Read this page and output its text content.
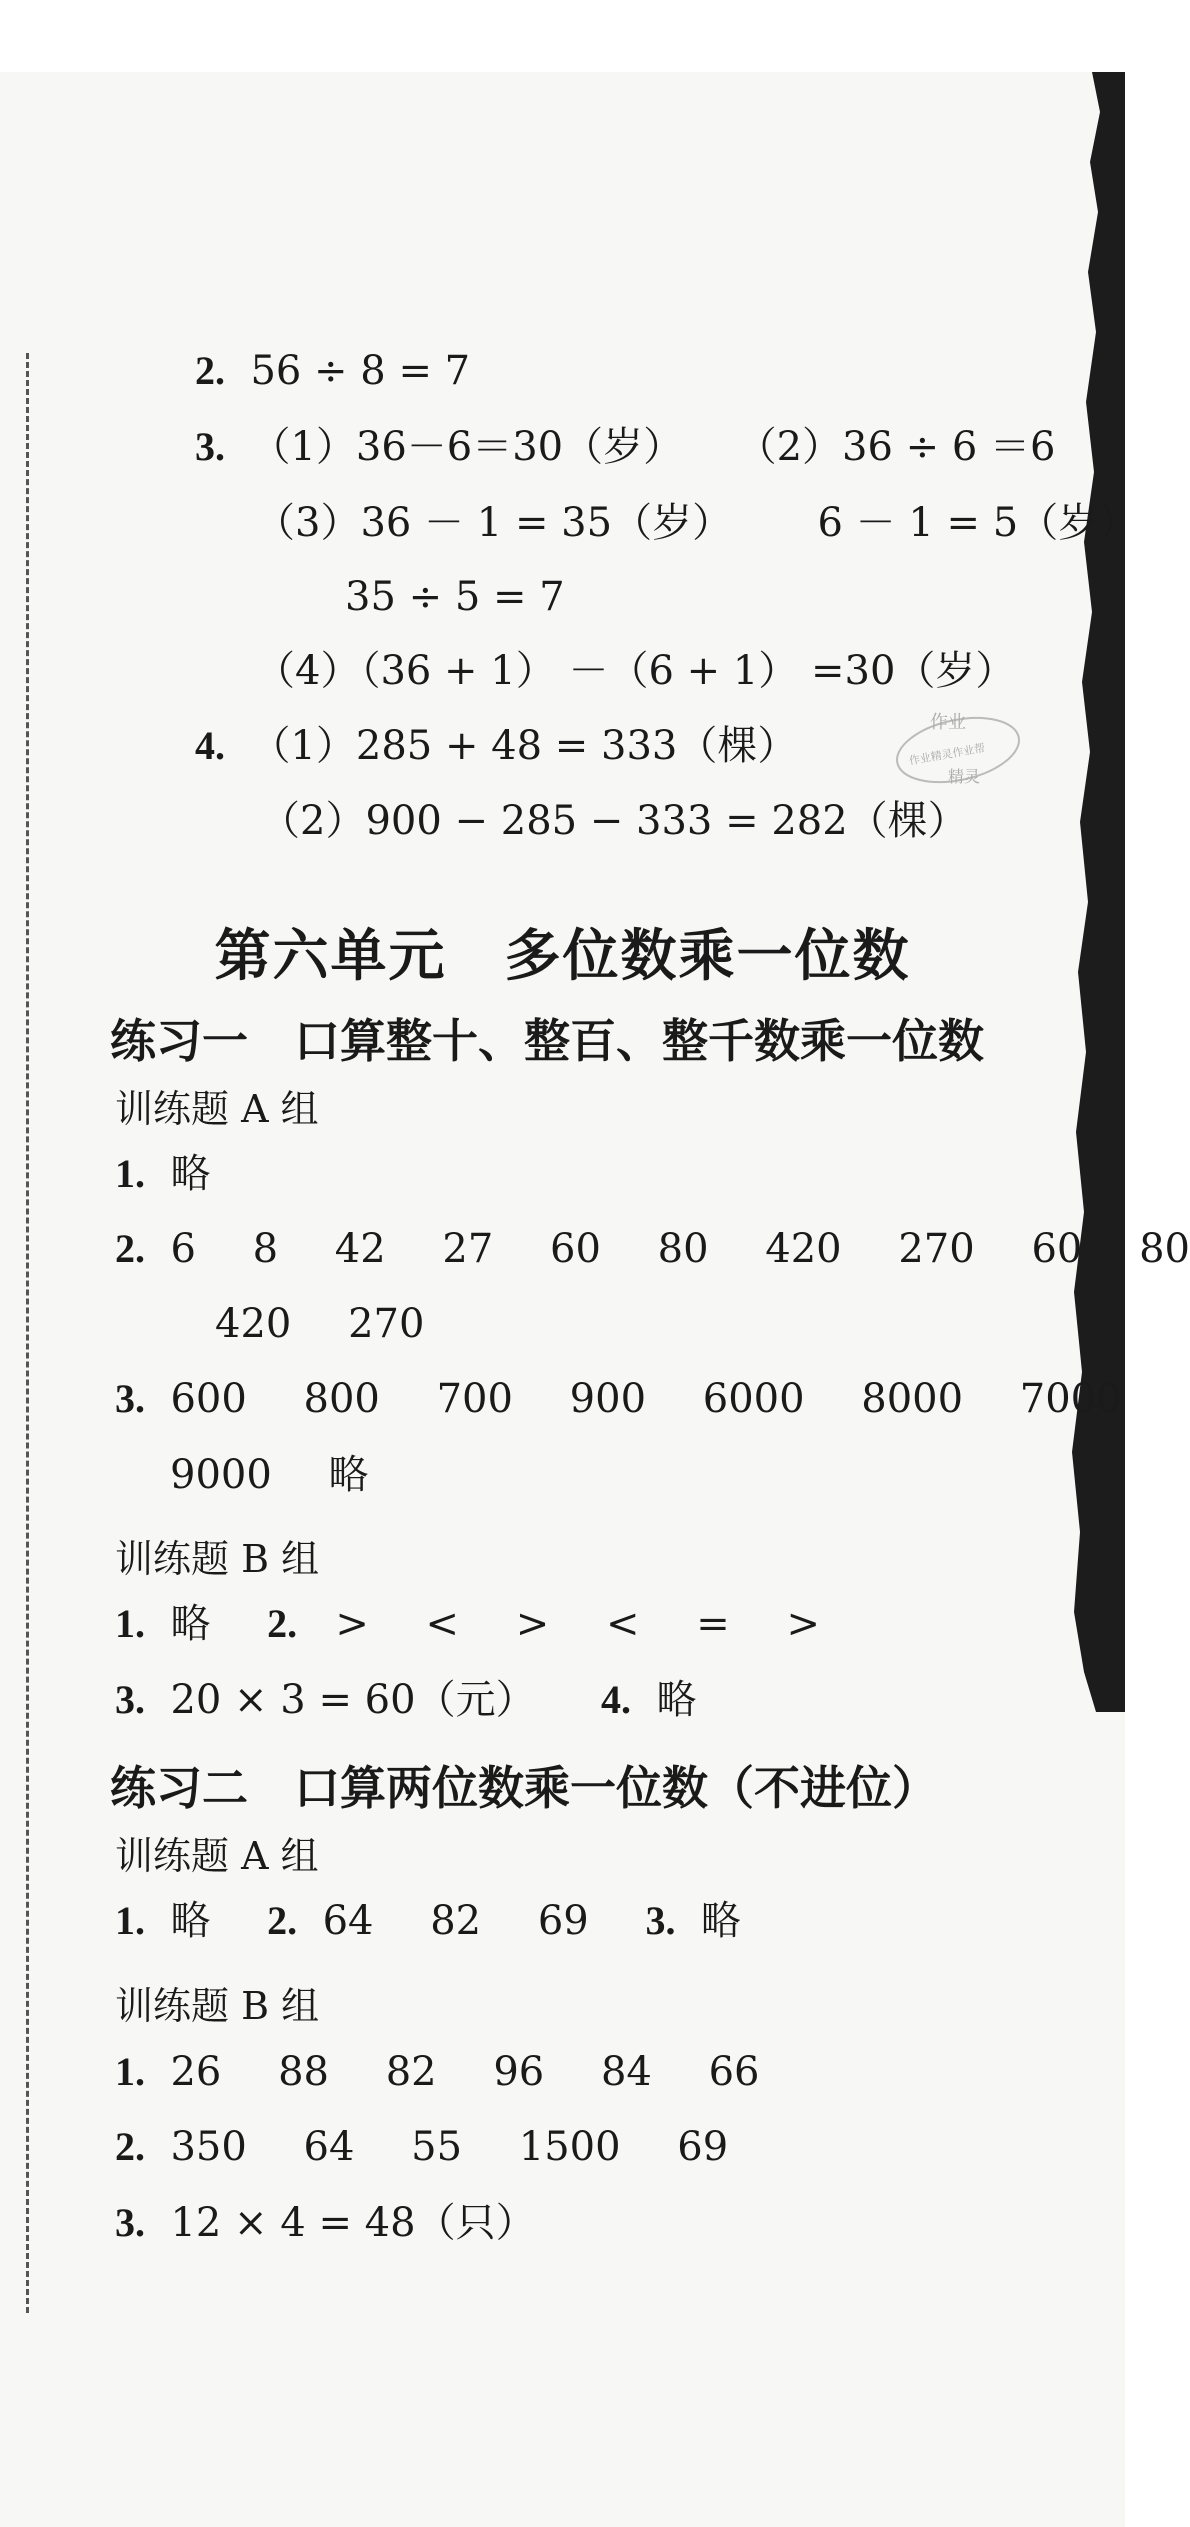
2. 56 ÷ 8 = 7
3. （1）36－6＝30（岁） （2）36 ÷ 6 ＝6
（3）36 － 1 = 35（岁） 6 － 1 = 5（岁）
35 ÷ 5 = 7
（4）（36 + 1） －（6 + 1） =30（岁）
4. （1）285 + 48 = 333（棵）
（2）900 − 285 − 333 = 282（棵）
作业
作业精灵作业帮
精灵
第六单元　多位数乘一位数
练习一　口算整十、整百、整千数乘一位数
训练题 A 组
1. 略
2. 6 8 42 27 60 80 420 270 60 80
420 270
3. 600 800 700 900 6000 8000 7000
9000 略
训练题 B 组
1. 略 2. > < > < = >
3. 20 × 3 = 60（元） 4. 略
练习二　口算两位数乘一位数（不进位）
训练题 A 组
1. 略 2. 64 82 69 3. 略
训练题 B 组
1. 26 88 82 96 84 66
2. 350 64 55 1500 69
3. 12 × 4 = 48（只）
